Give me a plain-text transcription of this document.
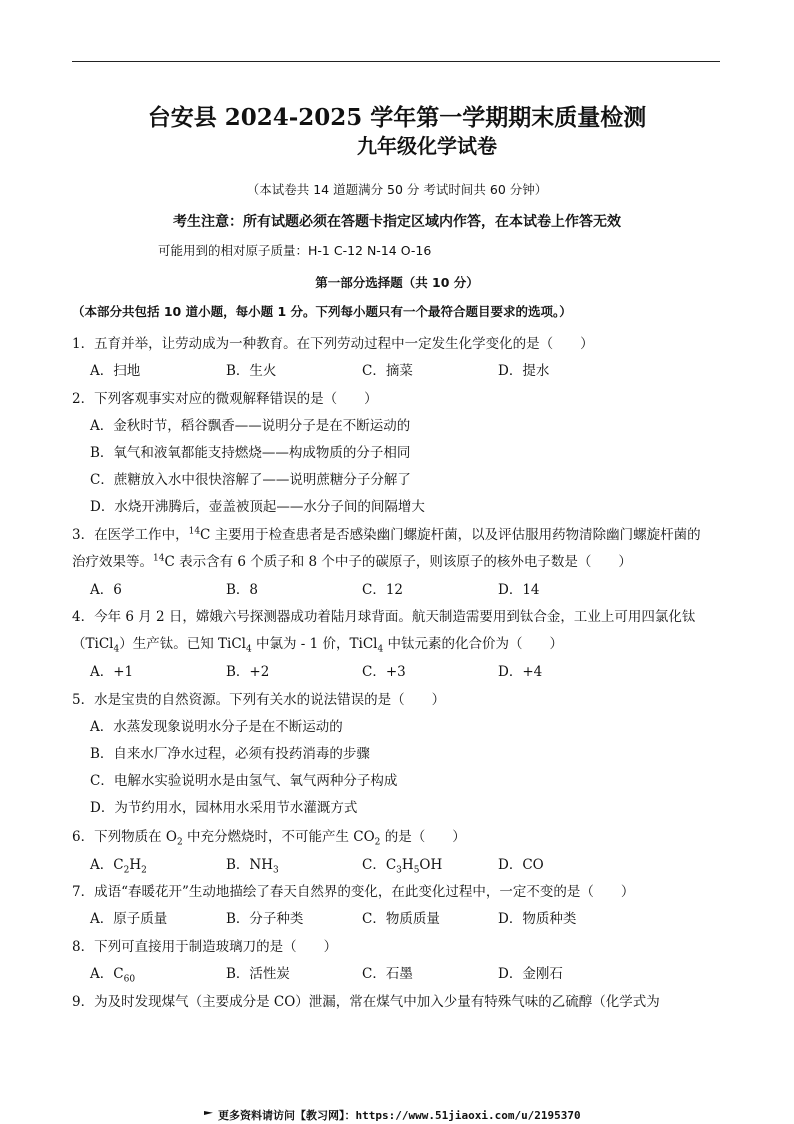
台安县 2024-2025 学年第一学期期末质量检测
九年级化学试卷
（本试卷共 14 道题满分 50 分 考试时间共 60 分钟）
考生注意：所有试题必须在答题卡指定区域内作答，在本试卷上作答无效
可能用到的相对原子质量：H-1 C-12 N-14 O-16
第一部分选择题（共 10 分）
（本部分共包括 10 道小题，每小题 1 分。下列每小题只有一个最符合题目要求的选项。）
1．五育并举，让劳动成为一种教育。在下列劳动过程中一定发生化学变化的是（　　）
A．扫地	B．生火	C．摘菜	D．提水
2．下列客观事实对应的微观解释错误的是（　　）
A．金秋时节，稻谷飘香——说明分子是在不断运动的
B．氧气和液氧都能支持燃烧——构成物质的分子相同
C．蔗糖放入水中很快溶解了——说明蔗糖分子分解了
D．水烧开沸腾后，壶盖被顶起——水分子间的间隔增大
3．在医学工作中，$^{14}$C 主要用于检查患者是否感染幽门螺旋杆菌，以及评估服用药物清除幽门螺旋杆菌的
治疗效果等。$^{14}$C 表示含有 6 个质子和 8 个中子的碳原子，则该原子的核外电子数是（　　）
A．6	B．8	C．12	D．14
4．今年 6 月 2 日，嫦娥六号探测器成功着陆月球背面。航天制造需要用到钛合金，工业上可用四氯化钛
（TiCl$_4$）生产钛。已知 TiCl$_4$ 中氯为 - 1 价，TiCl$_4$ 中钛元素的化合价为（　　）
A．+1	B．+2	C．+3	D．+4
5．水是宝贵的自然资源。下列有关水的说法错误的是（　　）
A．水蒸发现象说明水分子是在不断运动的
B．自来水厂净水过程，必须有投药消毒的步骤
C．电解水实验说明水是由氢气、氧气两种分子构成
D．为节约用水，园林用水采用节水灌溉方式
6．下列物质在 $O_2$ 中充分燃烧时，不可能产生 $CO_2$ 的是（　　）
A．$C_2H_2$	B．$NH_3$	C．$C_3H_5OH$	D．CO
7．成语“春暖花开”生动地描绘了春天自然界的变化，在此变化过程中，一定不变的是（　　）
A．原子质量	B．分子种类	C．物质质量	D．物质种类
8．下列可直接用于制造玻璃刀的是（　　）
A．$C_{60}$	B．活性炭	C．石墨	D．金刚石
9．为及时发现煤气（主要成分是 CO）泄漏，常在煤气中加入少量有特殊气味的乙硫醇（化学式为
更多资料请访问【教习网】：https://www.51jiaoxi.com/u/2195370
